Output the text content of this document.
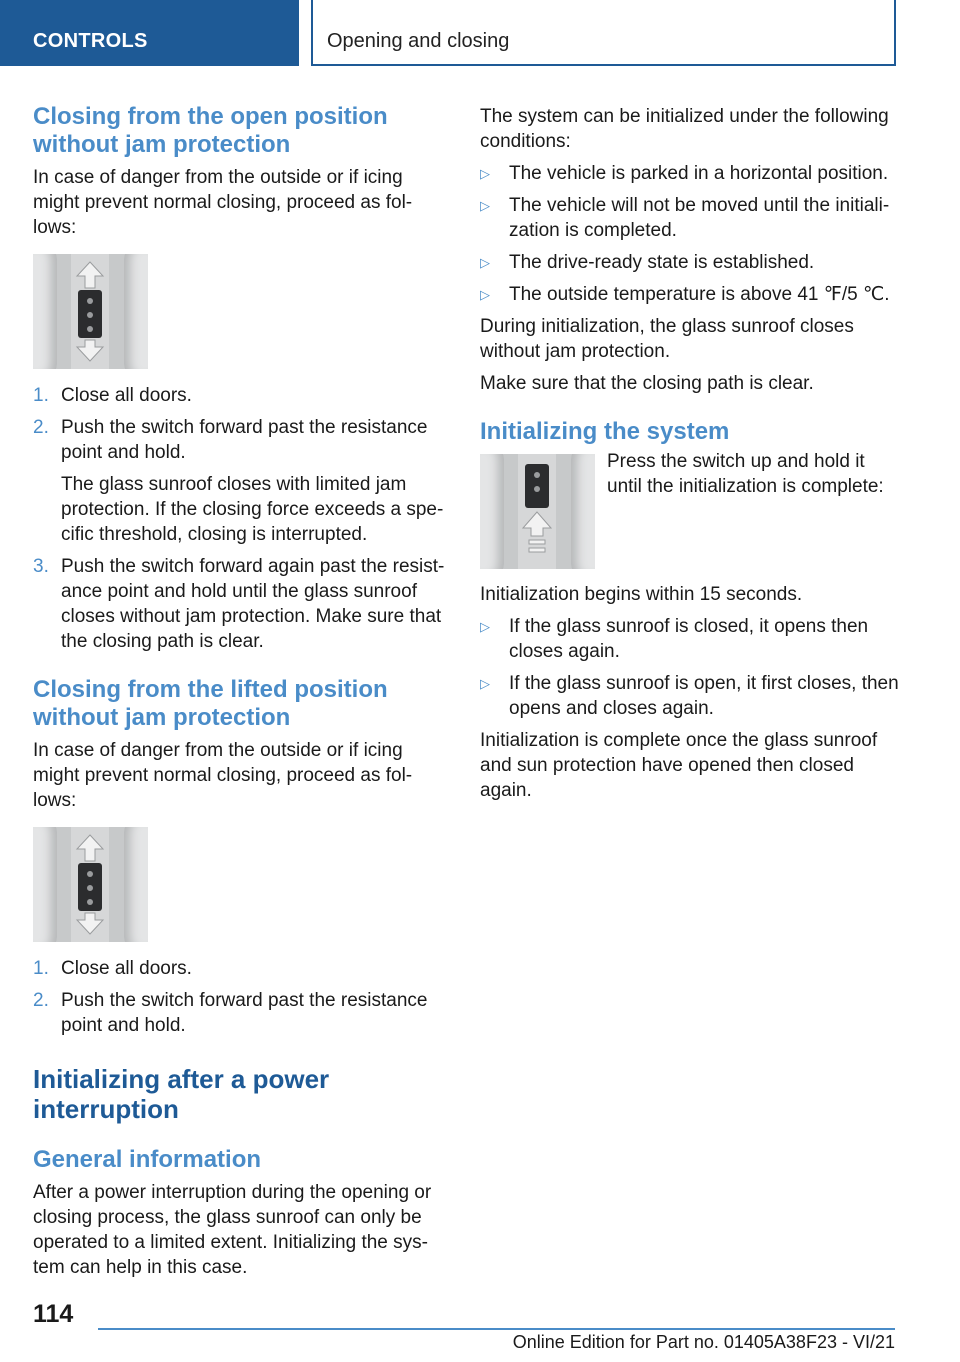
CONTROLS	Opening and closing
Closing from the open position without jam protection

In case of danger from the outside or if icing might prevent normal closing, proceed as fol‐lows:

1. Close all doors.
2. Push the switch forward past the resistance point and hold.
The glass sunroof closes with limited jam protection. If the closing force exceeds a spe‐cific threshold, closing is interrupted.
3. Push the switch forward again past the resist‐ance point and hold until the glass sunroof closes without jam protection. Make sure that the closing path is clear.
Closing from the lifted position without jam protection

In case of danger from the outside or if icing might prevent normal closing, proceed as fol‐lows:

1. Close all doors.
2. Push the switch forward past the resistance point and hold.
Initializing after a power interruption
General information

After a power interruption during the opening or closing process, the glass sunroof can only be operated to a limited extent. Initializing the sys‐tem can help in this case.

The system can be initialized under the following conditions:

▷ The vehicle is parked in a horizontal position.
▷ The vehicle will not be moved until the initiali‐zation is completed.
▷ The drive-ready state is established.
▷ The outside temperature is above 41 ℉/5 ℃.

During initialization, the glass sunroof closes without jam protection.

Make sure that the closing path is clear.

Initializing the system

Press the switch up and hold it until the initialization is complete:

Initialization begins within 15 seconds.

▷ If the glass sunroof is closed, it opens then closes again.
▷ If the glass sunroof is open, it first closes, then opens and closes again.

Initialization is complete once the glass sunroof and sun protection have opened then closed again.

114
Online Edition for Part no. 01405A38F23 - VI/21
